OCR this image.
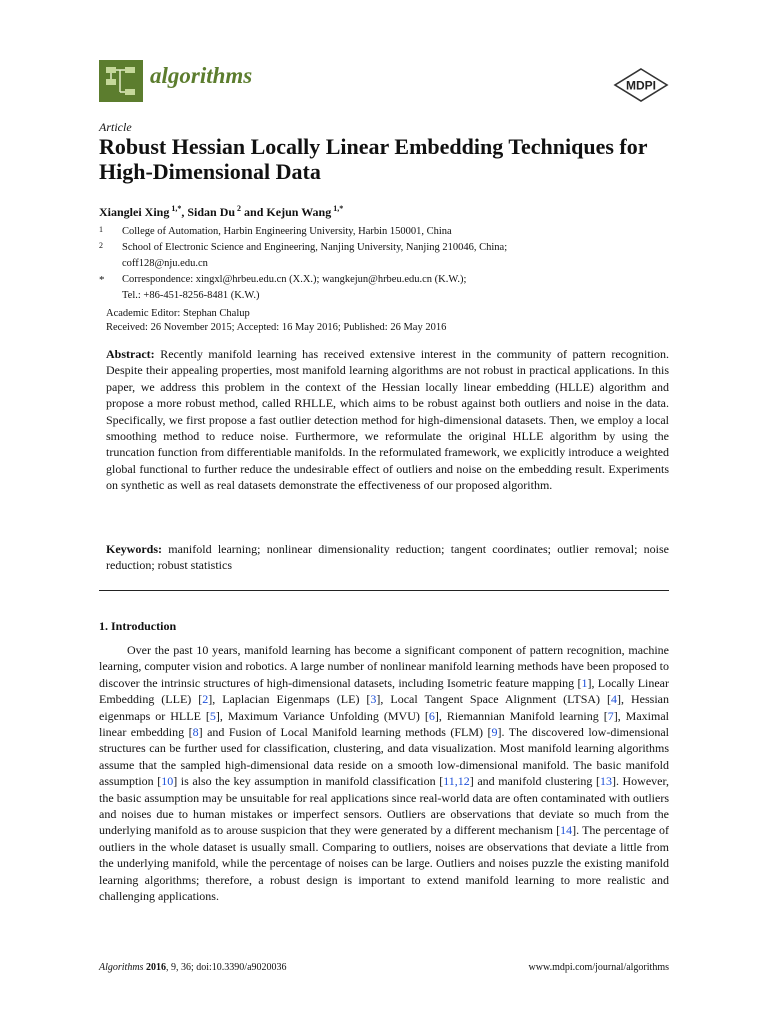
algorithms	MDPI
Article
Robust Hessian Locally Linear Embedding Techniques for High-Dimensional Data
Xianglei Xing $^{1,*}$, Sidan Du $^2$ and Kejun Wang $^{1,*}$
1	College of Automation, Harbin Engineering University, Harbin 150001, China
2	School of Electronic Science and Engineering, Nanjing University, Nanjing 210046, China;
coff128@nju.edu.cn
*	Correspondence: xingxl@hrbeu.edu.cn (X.X.); wangkejun@hrbeu.edu.cn (K.W.);
Tel.: +86-451-8256-8481 (K.W.)
Academic Editor: Stephan Chalup
Received: 26 November 2015; Accepted: 16 May 2016; Published: 26 May 2016
Abstract: Recently manifold learning has received extensive interest in the community of pattern recognition. Despite their appealing properties, most manifold learning algorithms are not robust in practical applications. In this paper, we address this problem in the context of the Hessian locally linear embedding (HLLE) algorithm and propose a more robust method, called RHLLE, which aims to be robust against both outliers and noise in the data. Specifically, we first propose a fast outlier detection method for high-dimensional datasets. Then, we employ a local smoothing method to reduce noise. Furthermore, we reformulate the original HLLE algorithm by using the truncation function from differentiable manifolds. In the reformulated framework, we explicitly introduce a weighted global functional to further reduce the undesirable effect of outliers and noise on the embedding result. Experiments on synthetic as well as real datasets demonstrate the effectiveness of our proposed algorithm.
Keywords: manifold learning; nonlinear dimensionality reduction; tangent coordinates; outlier removal; noise reduction; robust statistics
1. Introduction
Over the past 10 years, manifold learning has become a significant component of pattern recognition, machine learning, computer vision and robotics. A large number of nonlinear manifold learning methods have been proposed to discover the intrinsic structures of high-dimensional datasets, including Isometric feature mapping [1], Locally Linear Embedding (LLE) [2], Laplacian Eigenmaps (LE) [3], Local Tangent Space Alignment (LTSA) [4], Hessian eigenmaps or HLLE [5], Maximum Variance Unfolding (MVU) [6], Riemannian Manifold learning [7], Maximal linear embedding [8] and Fusion of Local Manifold learning methods (FLM) [9]. The discovered low-dimensional structures can be further used for classification, clustering, and data visualization. Most manifold learning algorithms assume that the sampled high-dimensional data reside on a smooth low-dimensional manifold. The basic manifold assumption [10] is also the key assumption in manifold classification [11,12] and manifold clustering [13]. However, the basic assumption may be unsuitable for real applications since real-world data are often contaminated with outliers and noises due to human mistakes or imperfect sensors. Outliers are observations that deviate so much from the underlying manifold as to arouse suspicion that they were generated by a different mechanism [14]. The percentage of outliers in the whole dataset is usually small. Comparing to outliers, noises are observations that deviate a little from the underlying manifold, while the percentage of noises can be large. Outliers and noises puzzle the existing manifold learning algorithms; therefore, a robust design is important to extend manifold learning to more realistic and challenging applications.
Algorithms 2016, 9, 36; doi:10.3390/a9020036	www.mdpi.com/journal/algorithms
